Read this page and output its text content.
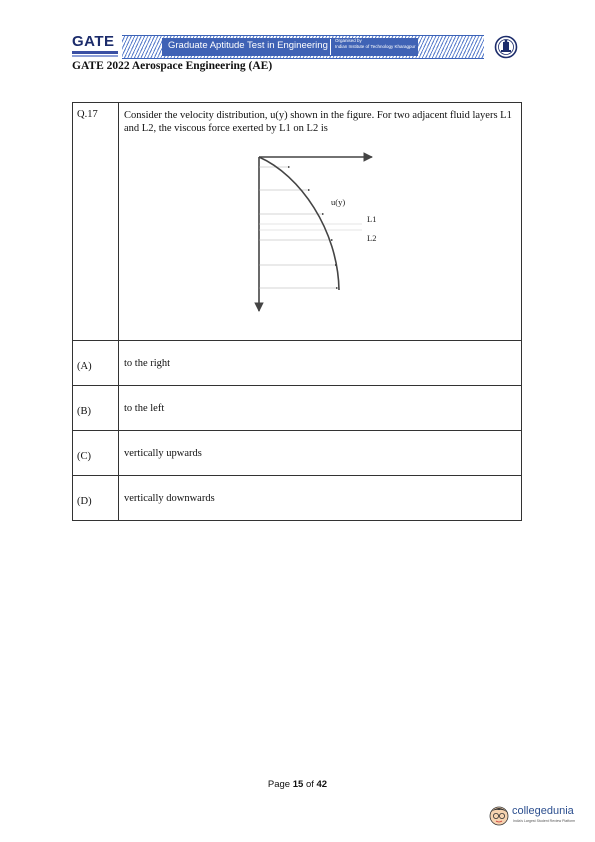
GATE	Graduate Aptitude Test in Engineering Organised by
Indian Institute of Technology Kharagpur
GATE 2022 Aerospace Engineering (AE)
Q.17	Consider the velocity distribution, u(y) shown in the figure. For two adjacent fluid layers L1 and L2, the viscous force exerted by L1 on L2 is

(A)	to the right
(B)	to the left
(C)	vertically upwards
(D)	vertically downwards
u(y)
L1
L2
Page 15 of 42
collegedunia
India's Largest Student Review Platform
